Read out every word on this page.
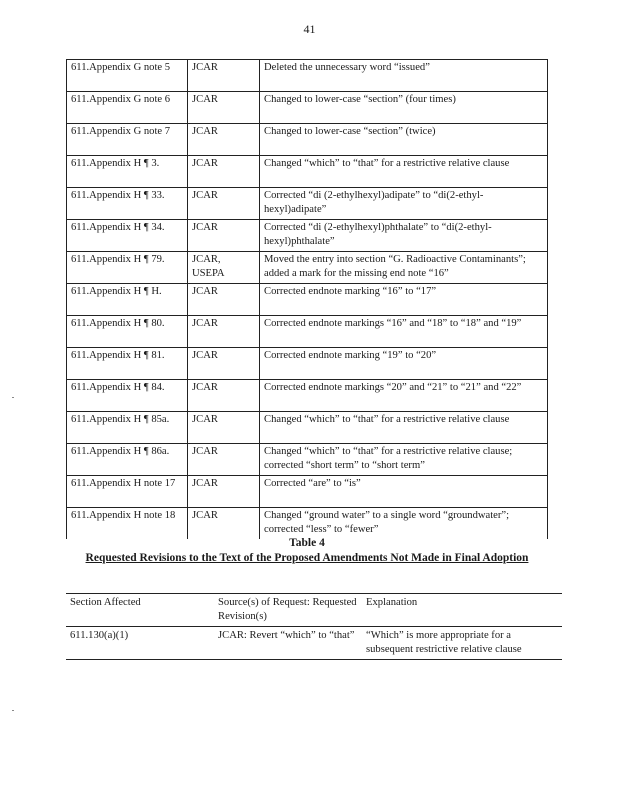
41
611.Appendix G note 5	JCAR	Deleted the unnecessary word “issued”
611.Appendix G note 6	JCAR	Changed to lower-case “section” (four times)
611.Appendix G note 7	JCAR	Changed to lower-case “section” (twice)
611.Appendix H ¶ 3.	JCAR	Changed “which” to “that” for a restrictive relative clause
611.Appendix H ¶ 33.	JCAR	Corrected “di (2-ethylhexyl)adipate” to “di(2-ethyl-hexyl)adipate”
611.Appendix H ¶ 34.	JCAR	Corrected “di (2-ethylhexyl)phthalate” to “di(2-ethyl-hexyl)phthalate”
611.Appendix H ¶ 79.	JCAR, USEPA	Moved the entry into section “G. Radioactive Contaminants”; added a mark for the missing end note “16”
611.Appendix H ¶ H.	JCAR	Corrected endnote marking “16” to “17”
611.Appendix H ¶ 80.	JCAR	Corrected endnote markings “16” and “18” to “18” and “19”
611.Appendix H ¶ 81.	JCAR	Corrected endnote marking “19” to “20”
611.Appendix H ¶ 84.	JCAR	Corrected endnote markings “20” and “21” to “21” and “22”
611.Appendix H ¶ 85a.	JCAR	Changed “which” to “that” for a restrictive relative clause
611.Appendix H ¶ 86a.	JCAR	Changed “which” to “that” for a restrictive relative clause; corrected “short term” to “short term”
611.Appendix H note 17	JCAR	Corrected “are” to “is”
611.Appendix H note 18	JCAR	Changed “ground water” to a single word “groundwater”; corrected “less” to “fewer”
Table 4
Requested Revisions to the Text of the Proposed Amendments Not Made in Final Adoption
Section Affected	Source(s) of Request: Requested Revision(s)	Explanation
611.130(a)(1)	JCAR: Revert “which” to “that”	“Which” is more appropriate for a subsequent restrictive relative clause
